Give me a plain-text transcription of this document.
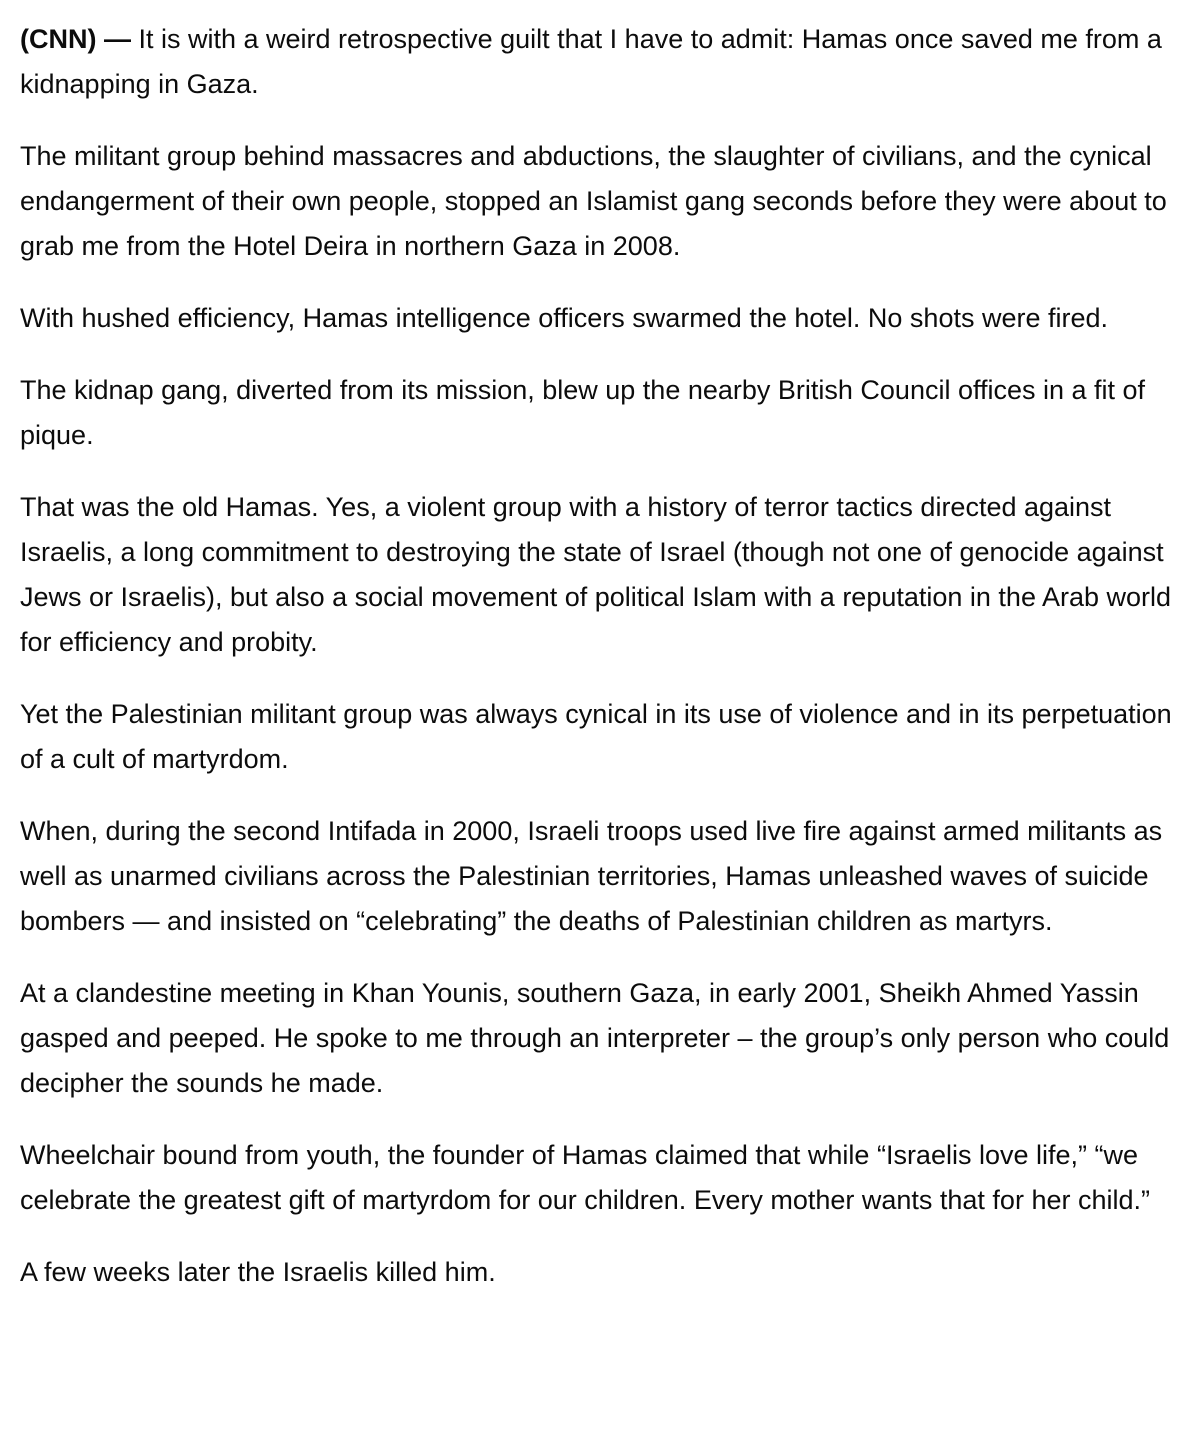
(CNN) — It is with a weird retrospective guilt that I have to admit: Hamas once saved me from a kidnapping in Gaza.

The militant group behind massacres and abductions, the slaughter of civilians, and the cynical endangerment of their own people, stopped an Islamist gang seconds before they were about to grab me from the Hotel Deira in northern Gaza in 2008.

With hushed efficiency, Hamas intelligence officers swarmed the hotel. No shots were fired.

The kidnap gang, diverted from its mission, blew up the nearby British Council offices in a fit of pique.

That was the old Hamas. Yes, a violent group with a history of terror tactics directed against Israelis, a long commitment to destroying the state of Israel (though not one of genocide against Jews or Israelis), but also a social movement of political Islam with a reputation in the Arab world for efficiency and probity.

Yet the Palestinian militant group was always cynical in its use of violence and in its perpetuation of a cult of martyrdom.

When, during the second Intifada in 2000, Israeli troops used live fire against armed militants as well as unarmed civilians across the Palestinian territories, Hamas unleashed waves of suicide bombers — and insisted on “celebrating” the deaths of Palestinian children as martyrs.

At a clandestine meeting in Khan Younis, southern Gaza, in early 2001, Sheikh Ahmed Yassin gasped and peeped. He spoke to me through an interpreter – the group’s only person who could decipher the sounds he made.

Wheelchair bound from youth, the founder of Hamas claimed that while “Israelis love life,” “we celebrate the greatest gift of martyrdom for our children. Every mother wants that for her child.”

A few weeks later the Israelis killed him.
